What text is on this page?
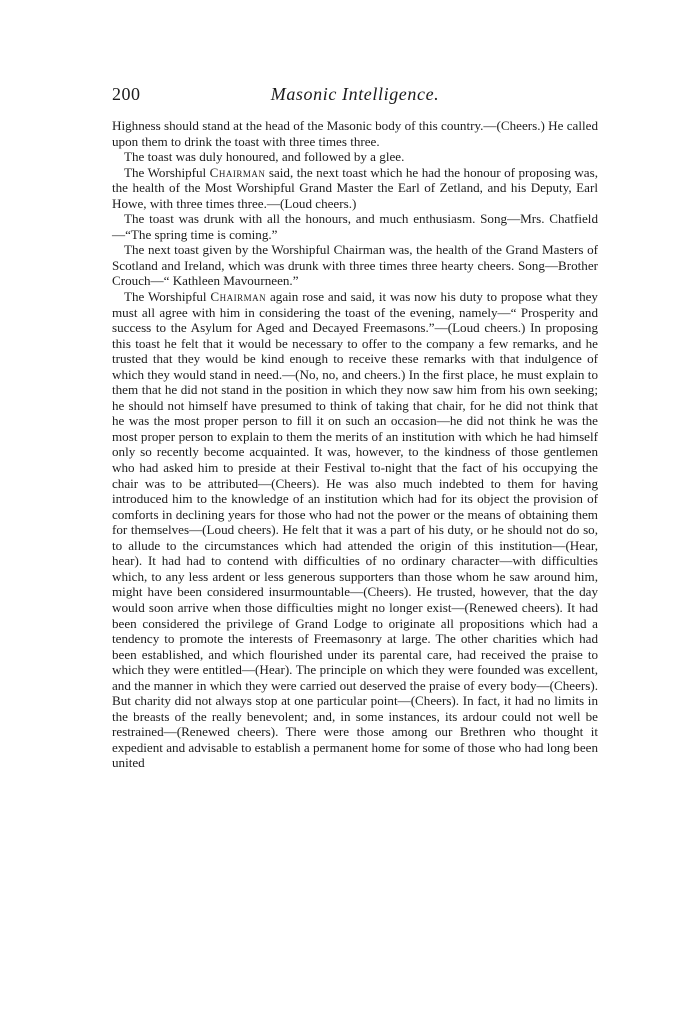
200	Masonic Intelligence.

Highness should stand at the head of the Masonic body of this country.—(Cheers.) He called upon them to drink the toast with three times three.

The toast was duly honoured, and followed by a glee.

The Worshipful Chairman said, the next toast which he had the honour of proposing was, the health of the Most Worshipful Grand Master the Earl of Zetland, and his Deputy, Earl Howe, with three times three.—(Loud cheers.)

The toast was drunk with all the honours, and much enthusiasm. Song—Mrs. Chatfield—“The spring time is coming.”

The next toast given by the Worshipful Chairman was, the health of the Grand Masters of Scotland and Ireland, which was drunk with three times three hearty cheers. Song—Brother Crouch—“ Kathleen Mavourneen.”

The Worshipful Chairman again rose and said, it was now his duty to propose what they must all agree with him in considering the toast of the evening, namely—“ Prosperity and success to the Asylum for Aged and Decayed Freemasons.”—(Loud cheers.) In proposing this toast he felt that it would be necessary to offer to the company a few remarks, and he trusted that they would be kind enough to receive these remarks with that indulgence of which they would stand in need.—(No, no, and cheers.) In the first place, he must explain to them that he did not stand in the position in which they now saw him from his own seeking; he should not himself have presumed to think of taking that chair, for he did not think that he was the most proper person to fill it on such an occasion—he did not think he was the most proper person to explain to them the merits of an institution with which he had himself only so recently become acquainted. It was, however, to the kindness of those gentlemen who had asked him to preside at their Festival to-night that the fact of his occupying the chair was to be attributed—(Cheers). He was also much indebted to them for having introduced him to the knowledge of an institution which had for its object the provision of comforts in declining years for those who had not the power or the means of obtaining them for themselves—(Loud cheers). He felt that it was a part of his duty, or he should not do so, to allude to the circumstances which had attended the origin of this institution—(Hear, hear). It had had to contend with difficulties of no ordinary character—with difficulties which, to any less ardent or less generous supporters than those whom he saw around him, might have been considered insurmountable—(Cheers). He trusted, however, that the day would soon arrive when those difficulties might no longer exist—(Renewed cheers). It had been considered the privilege of Grand Lodge to originate all propositions which had a tendency to promote the interests of Freemasonry at large. The other charities which had been established, and which flourished under its parental care, had received the praise to which they were entitled—(Hear). The principle on which they were founded was excellent, and the manner in which they were carried out deserved the praise of every body—(Cheers). But charity did not always stop at one particular point—(Cheers). In fact, it had no limits in the breasts of the really benevolent; and, in some instances, its ardour could not well be restrained—(Renewed cheers). There were those among our Brethren who thought it expedient and advisable to establish a permanent home for some of those who had long been united
